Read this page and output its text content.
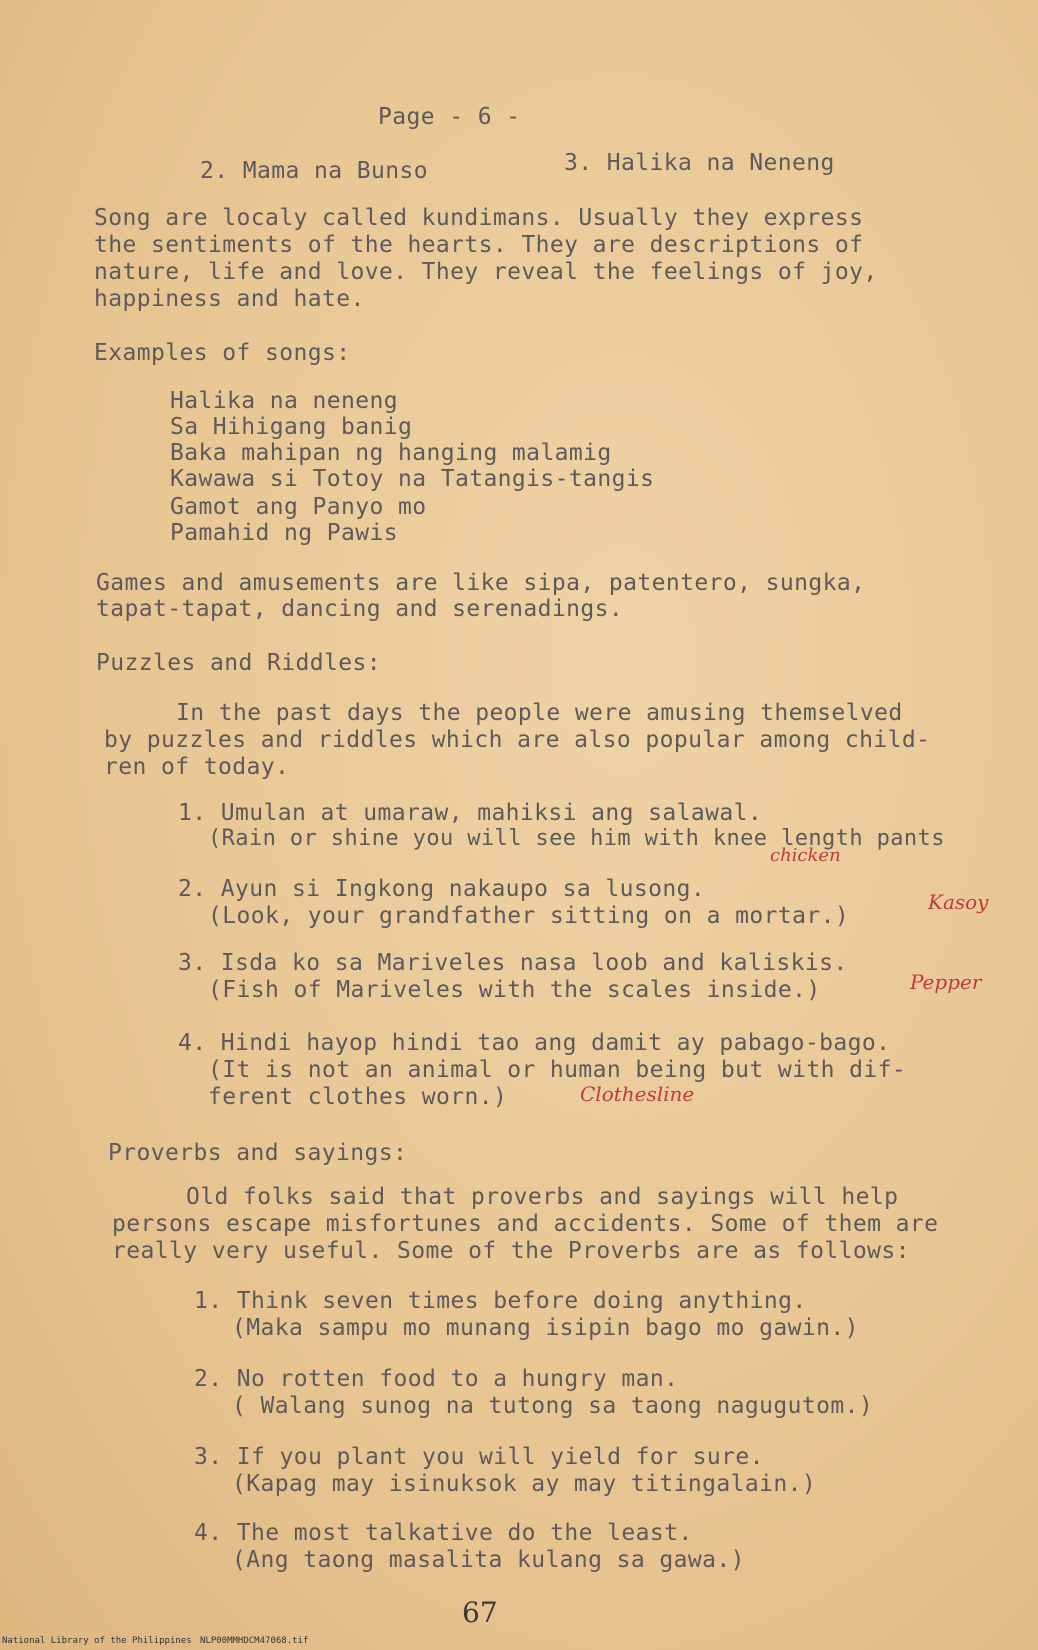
Page - 6 -
2. Mama na Bunso	3. Halika na Neneng
Song are localy called kundimans. Usually they express
the sentiments of the hearts. They are descriptions of
nature, life and love. They reveal the feelings of joy,
happiness and hate.
Examples of songs:
Halika na neneng
Sa Hihigang banig
Baka mahipan ng hanging malamig
Kawawa si Totoy na Tatangis-tangis
Gamot ang Panyo mo
Pamahid ng Pawis
Games and amusements are like sipa, patentero, sungka,
tapat-tapat, dancing and serenadings.
Puzzles and Riddles:
In the past days the people were amusing themselved
by puzzles and riddles which are also popular among child-
ren of today.
1. Umulan at umaraw, mahiksi ang salawal.
(Rain or shine you will see him with knee length pants
chicken
2. Ayun si Ingkong nakaupo sa lusong.
(Look, your grandfather sitting on a mortar.)
Kasoy
3. Isda ko sa Mariveles nasa loob and kaliskis.
(Fish of Mariveles with the scales inside.)	Pepper
4. Hindi hayop hindi tao ang damit ay pabago-bago.
(It is not an animal or human being but with dif-
ferent clothes worn.)	Clothesline
Proverbs and sayings:
Old folks said that proverbs and sayings will help
persons escape misfortunes and accidents. Some of them are
really very useful. Some of the Proverbs are as follows:
1. Think seven times before doing anything.
(Maka sampu mo munang isipin bago mo gawin.)
2. No rotten food to a hungry man.
( Walang sunog na tutong sa taong nagugutom.)
3. If you plant you will yield for sure.
(Kapag may isinuksok ay may titingalain.)
4. The most talkative do the least.
(Ang taong masalita kulang sa gawa.)
67
National Library of the Philippines NLP00MMHDCM47068.tif
